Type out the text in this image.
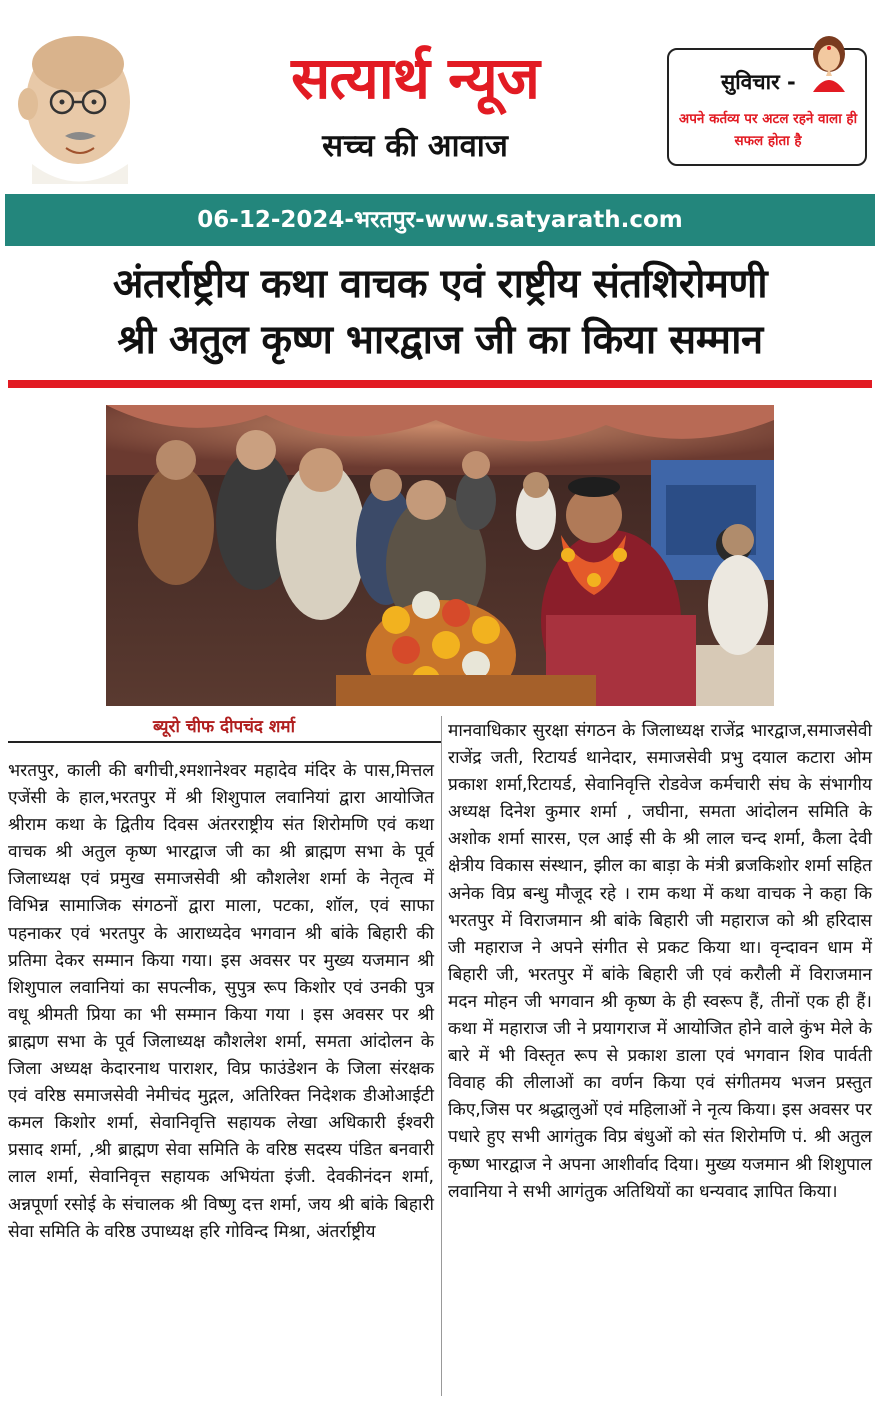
सत्यार्थ न्यूज
सच्च की आवाज
सुविचार -
अपने कर्तव्य पर अटल रहने वाला ही सफल होता है
06-12-2024-भरतपुर-www.satyarath.com
अंतर्राष्ट्रीय कथा वाचक एवं राष्ट्रीय संतशिरोमणी
श्री अतुल कृष्ण भारद्वाज जी का किया सम्मान
ब्यूरो चीफ दीपचंद शर्मा
भरतपुर, काली की बगीची,श्मशानेश्वर महादेव मंदिर के पास,मित्तल एजेंसी के हाल,भरतपुर में श्री शिशुपाल लवानियां द्वारा आयोजित श्रीराम कथा के द्वितीय दिवस अंतरराष्ट्रीय संत शिरोमणि एवं कथा वाचक श्री अतुल कृष्ण भारद्वाज जी का श्री ब्राह्मण सभा के पूर्व जिलाध्यक्ष एवं प्रमुख समाजसेवी श्री कौशलेश शर्मा के नेतृत्व में विभिन्न सामाजिक संगठनों द्वारा माला, पटका, शॉल, एवं साफा पहनाकर एवं भरतपुर के आराध्यदेव भगवान श्री बांके बिहारी की प्रतिमा देकर सम्मान किया गया। इस अवसर पर मुख्य यजमान श्री शिशुपाल लवानियां का सपत्नीक, सुपुत्र रूप किशोर एवं उनकी पुत्र वधू श्रीमती प्रिया का भी सम्मान किया गया । इस अवसर पर श्री ब्राह्मण सभा के पूर्व जिलाध्यक्ष कौशलेश शर्मा, समता आंदोलन के जिला अध्यक्ष केदारनाथ पाराशर, विप्र फाउंडेशन के जिला संरक्षक एवं वरिष्ठ समाजसेवी नेमीचंद मुद्गल, अतिरिक्त निदेशक डीओआईटी कमल किशोर शर्मा, सेवानिवृत्ति सहायक लेखा अधिकारी ईश्वरी प्रसाद शर्मा, ,श्री ब्राह्मण सेवा समिति के वरिष्ठ सदस्य पंडित बनवारी लाल शर्मा, सेवानिवृत्त सहायक अभियंता इंजी. देवकीनंदन शर्मा, अन्नपूर्णा रसोई के संचालक श्री विष्णु दत्त शर्मा, जय श्री बांके बिहारी सेवा समिति के वरिष्ठ उपाध्यक्ष हरि गोविन्द मिश्रा, अंतर्राष्ट्रीय
मानवाधिकार सुरक्षा संगठन के जिलाध्यक्ष राजेंद्र भारद्वाज,समाजसेवी राजेंद्र जती, रिटायर्ड थानेदार, समाजसेवी प्रभु दयाल कटारा ओम प्रकाश शर्मा,रिटायर्ड, सेवानिवृत्ति रोडवेज कर्मचारी संघ के संभागीय अध्यक्ष दिनेश कुमार शर्मा , जघीना, समता आंदोलन समिति के अशोक शर्मा सारस, एल आई सी के श्री लाल चन्द शर्मा, कैला देवी क्षेत्रीय विकास संस्थान, झील का बाड़ा के मंत्री ब्रजकिशोर शर्मा सहित अनेक विप्र बन्धु मौजूद रहे । राम कथा में कथा वाचक ने कहा कि भरतपुर में विराजमान श्री बांके बिहारी जी महाराज को श्री हरिदास जी महाराज ने अपने संगीत से प्रकट किया था। वृन्दावन धाम में बिहारी जी, भरतपुर में बांके बिहारी जी एवं करौली में विराजमान मदन मोहन जी भगवान श्री कृष्ण के ही स्वरूप हैं, तीनों एक ही हैं। कथा में महाराज जी ने प्रयागराज में आयोजित होने वाले कुंभ मेले के बारे में भी विस्तृत रूप से प्रकाश डाला एवं भगवान शिव पार्वती विवाह की लीलाओं का वर्णन किया एवं संगीतमय भजन प्रस्तुत किए,जिस पर श्रद्धालुओं एवं महिलाओं ने नृत्य किया। इस अवसर पर पधारे हुए सभी आगंतुक विप्र बंधुओं को संत शिरोमणि पं. श्री अतुल कृष्ण भारद्वाज ने अपना आशीर्वाद दिया। मुख्य यजमान श्री शिशुपाल लवानिया ने सभी आगंतुक अतिथियों का धन्यवाद ज्ञापित किया।
